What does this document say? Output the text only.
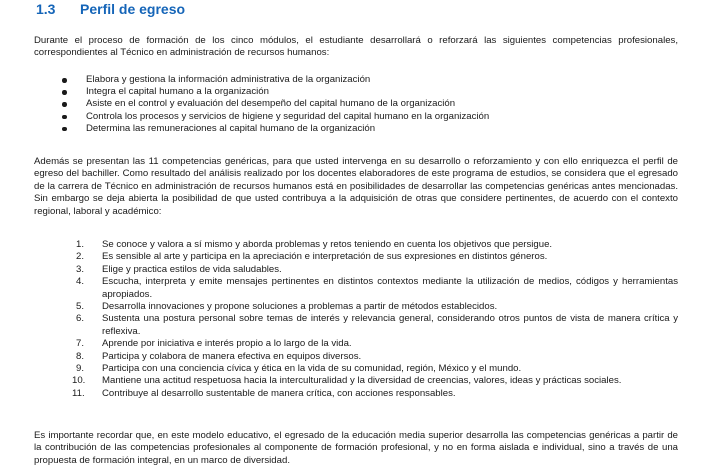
1.3	Perfil de egreso

Durante el proceso de formación de los cinco módulos, el estudiante desarrollará o reforzará las siguientes competencias profesionales, correspondientes al Técnico en administración de recursos humanos:

Elabora y gestiona la información administrativa de la organización
Integra el capital humano a la organización
Asiste en el control y evaluación del desempeño del capital humano de la organización
Controla los procesos y servicios de higiene y seguridad del capital humano en la organización
Determina las remuneraciones al capital humano de la organización

Además se presentan las 11 competencias genéricas, para que usted intervenga en su desarrollo o reforzamiento y con ello enriquezca el perfil de egreso del bachiller. Como resultado del análisis realizado por los docentes elaboradores de este programa de estudios, se considera que el egresado de la carrera de Técnico en administración de recursos humanos está en posibilidades de desarrollar las competencias genéricas antes mencionadas. Sin embargo se deja abierta la posibilidad de que usted contribuya a la adquisición de otras que considere pertinentes, de acuerdo con el contexto regional, laboral y académico:

1.	Se conoce y valora a sí mismo y aborda problemas y retos teniendo en cuenta los objetivos que persigue.
2.	Es sensible al arte y participa en la apreciación e interpretación de sus expresiones en distintos géneros.
3.	Elige y practica estilos de vida saludables.
4.	Escucha, interpreta y emite mensajes pertinentes en distintos contextos mediante la utilización de medios, códigos y herramientas apropiados.
5.	Desarrolla innovaciones y propone soluciones a problemas a partir de métodos establecidos.
6.	Sustenta una postura personal sobre temas de interés y relevancia general, considerando otros puntos de vista de manera crítica y reflexiva.
7.	Aprende por iniciativa e interés propio a lo largo de la vida.
8.	Participa y colabora de manera efectiva en equipos diversos.
9.	Participa con una conciencia cívica y ética en la vida de su comunidad, región, México y el mundo.
10.	Mantiene una actitud respetuosa hacia la interculturalidad y la diversidad de creencias, valores, ideas y prácticas sociales.
11.	Contribuye al desarrollo sustentable de manera crítica, con acciones responsables.

Es importante recordar que, en este modelo educativo, el egresado de la educación media superior desarrolla las competencias genéricas a partir de la contribución de las competencias profesionales al componente de formación profesional, y no en forma aislada e individual, sino a través de una propuesta de formación integral, en un marco de diversidad.
